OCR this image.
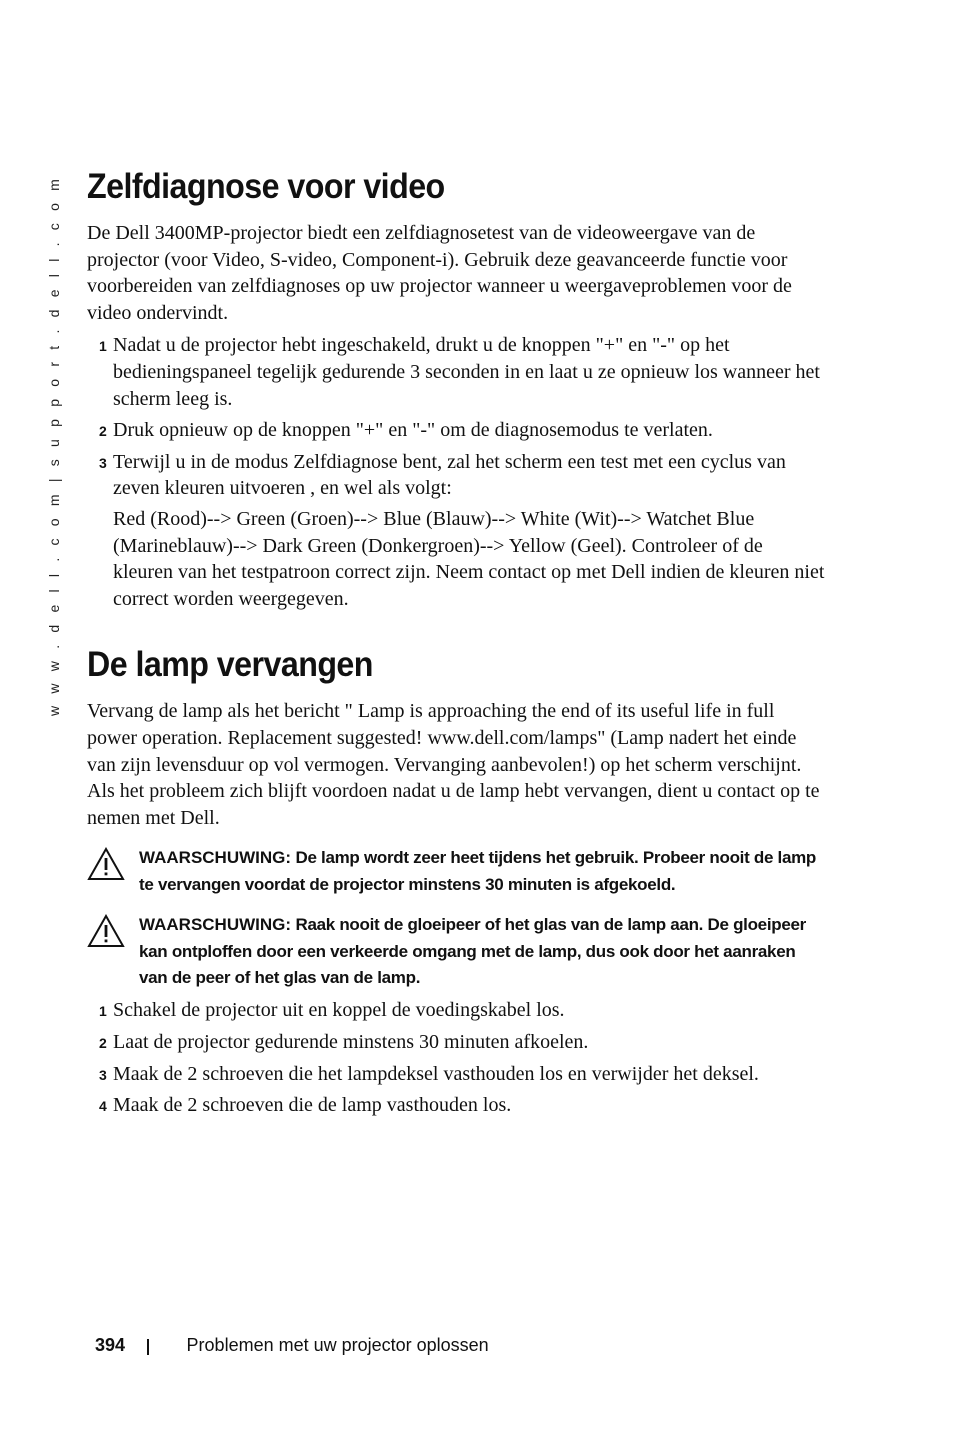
w w w . d e l l . c o m | s u p p o r t . d e l l . c o m Zelfdiagnose voor video

De Dell 3400MP-projector biedt een zelfdiagnosetest van de videoweergave van de projector (voor Video, S-video, Component-i). Gebruik deze geavanceerde functie voor voorbereiden van zelfdiagnoses op uw projector wanneer u weergaveproblemen voor de video ondervindt.

1 Nadat u de projector hebt ingeschakeld, drukt u de knoppen "+" en "-" op het bedieningspaneel tegelijk gedurende 3 seconden in en laat u ze opnieuw los wanneer het scherm leeg is.
2 Druk opnieuw op de knoppen "+" en "-" om de diagnosemodus te verlaten.
3 Terwijl u in de modus Zelfdiagnose bent, zal het scherm een test met een cyclus van zeven kleuren uitvoeren , en wel als volgt:
Red (Rood)--> Green (Groen)--> Blue (Blauw)--> White (Wit)--> Watchet Blue (Marineblauw)--> Dark Green (Donkergroen)--> Yellow (Geel). Controleer of de kleuren van het testpatroon correct zijn. Neem contact op met Dell indien de kleuren niet correct worden weergegeven.
De lamp vervangen

Vervang de lamp als het bericht " Lamp is approaching the end of its useful life in full power operation. Replacement suggested! www.dell.com/lamps" (Lamp nadert het einde van zijn levensduur op vol vermogen. Vervanging aanbevolen!) op het scherm verschijnt. Als het probleem zich blijft voordoen nadat u de lamp hebt vervangen, dient u contact op te nemen met Dell.

WAARSCHUWING: De lamp wordt zeer heet tijdens het gebruik. Probeer nooit de lamp te vervangen voordat de projector minstens 30 minuten is afgekoeld.
WAARSCHUWING: Raak nooit de gloeipeer of het glas van de lamp aan. De gloeipeer kan ontploffen door een verkeerde omgang met de lamp, dus ook door het aanraken van de peer of het glas van de lamp.
1 Schakel de projector uit en koppel de voedingskabel los.
2 Laat de projector gedurende minstens 30 minuten afkoelen.
3 Maak de 2 schroeven die het lampdeksel vasthouden los en verwijder het deksel.
4 Maak de 2 schroeven die de lamp vasthouden los.
394	Problemen met uw projector oplossen
